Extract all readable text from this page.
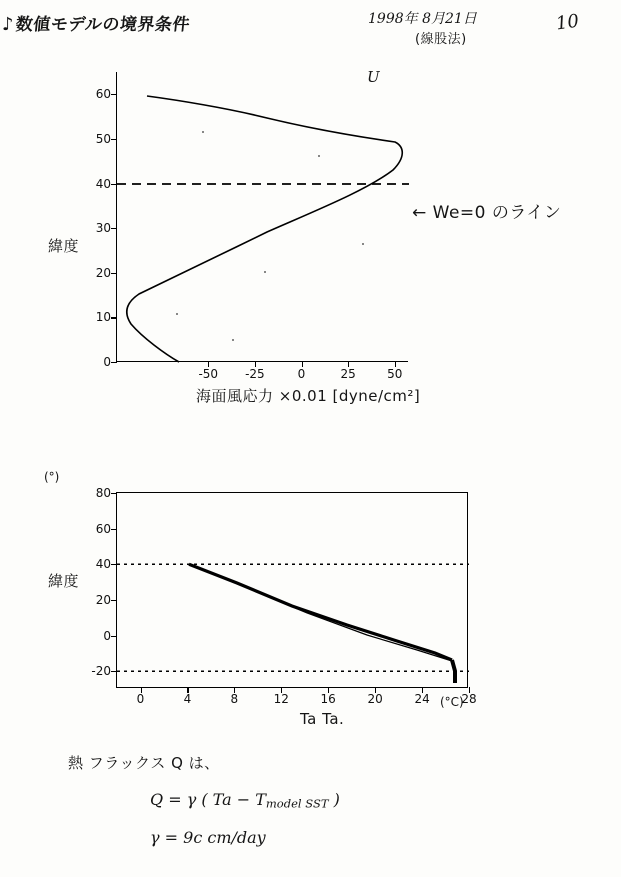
♪ 数値モデルの境界条件	1998年 8月21日
(線股法)
10
緯度
海面風応力 ×0.01 [dyne/cm²]
U
0
10
20
30
40
50
60
-50 -25	0	25	50
← We=0 のライン
(°)
緯度
Ta Ta.
(°C)
-20
0
20
40
60
80
0	4	8	12	16	20	24	28
熱 フラックス Q は、
Q = γ ( $Ta - T_{model SST}$ )
γ = 9c cm/day
